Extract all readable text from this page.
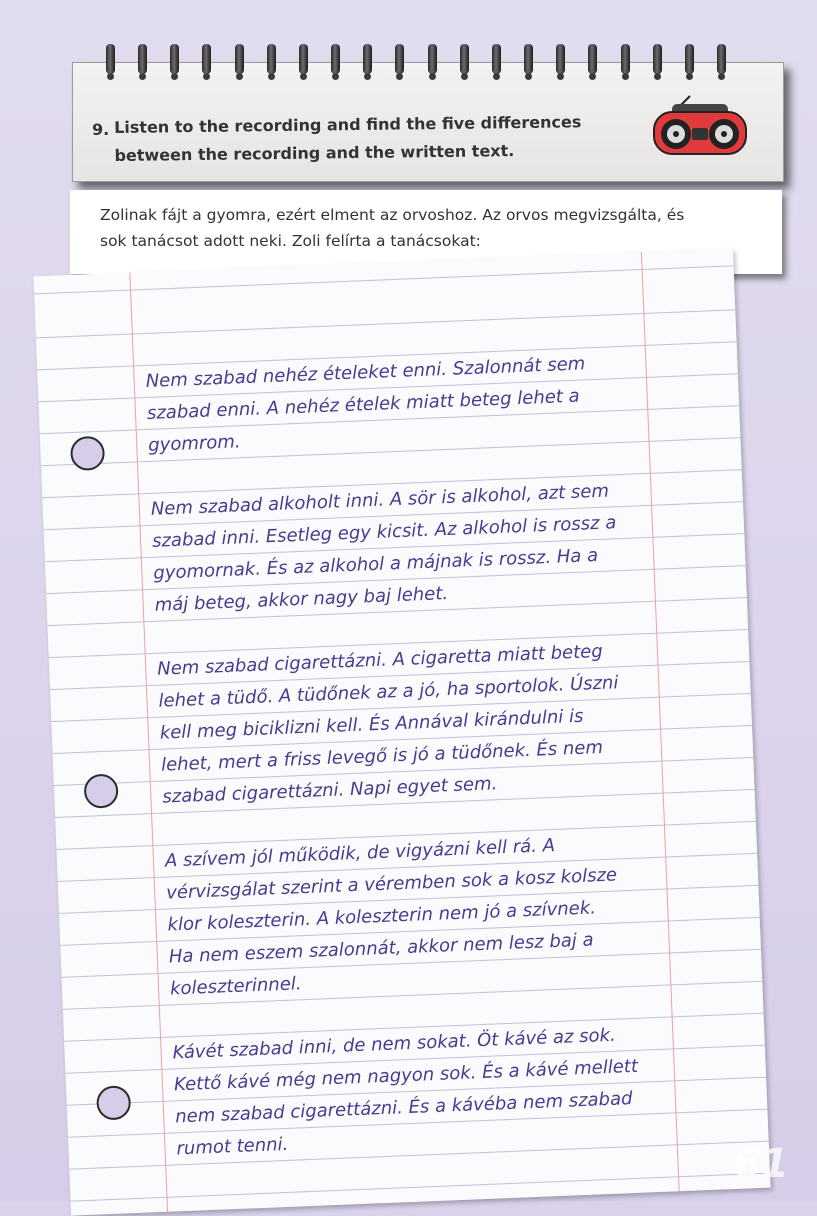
9. Listen to the recording and find the five differences
between the recording and the written text.
Zolinak fájt a gyomra, ezért elment az orvoshoz. Az orvos megvizsgálta, és
sok tanácsot adott neki. Zoli felírta a tanácsokat:

Nem szabad nehéz ételeket enni. Szalonnát sem

szabad enni. A nehéz ételek miatt beteg lehet a

gyomrom.

Nem szabad alkoholt inni. A sör is alkohol, azt sem

szabad inni. Esetleg egy kicsit. Az alkohol is rossz a

gyomornak. És az alkohol a májnak is rossz. Ha a

máj beteg, akkor nagy baj lehet.

Nem szabad cigarettázni. A cigaretta miatt beteg

lehet a tüdő. A tüdőnek az a jó, ha sportolok. Úszni

kell meg biciklizni kell. És Annával kirándulni is

lehet, mert a friss levegő is jó a tüdőnek. És nem

szabad cigarettázni. Napi egyet sem.

A szívem jól működik, de vigyázni kell rá. A

vérvizsgálat szerint a véremben sok a kosz kolsze

klor koleszterin. A koleszterin nem jó a szívnek.

Ha nem eszem szalonnát, akkor nem lesz baj a

koleszterinnel.

Kávét szabad inni, de nem sokat. Öt kávé az sok.

Kettő kávé még nem nagyon sok. És a kávé mellett

nem szabad cigarettázni. És a kávéba nem szabad

rumot tenni.	61
